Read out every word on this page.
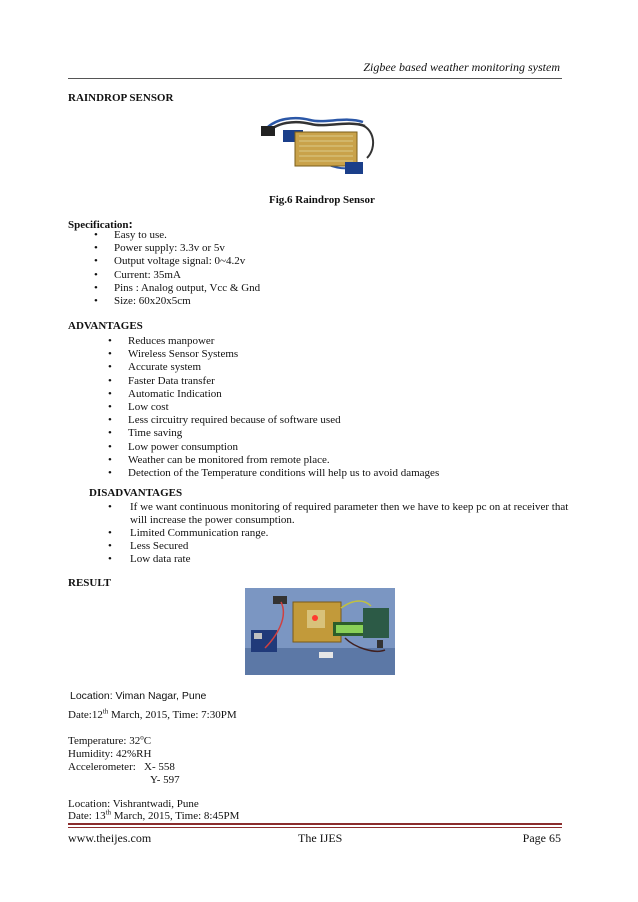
Zigbee based weather monitoring system
RAINDROP SENSOR
Fig.6 Raindrop Sensor
Specification:
• Easy to use.
• Power supply: 3.3v or 5v
• Output voltage signal: 0~4.2v
• Current: 35mA
• Pins : Analog output, Vcc & Gnd
• Size: 60x20x5cm
ADVANTAGES
• Reduces manpower
• Wireless Sensor Systems
• Accurate system
• Faster Data transfer
• Automatic Indication
• Low cost
• Less circuitry required because of software used
• Time saving
• Low power consumption
• Weather can be monitored from remote place.
• Detection of the Temperature conditions will help us to avoid damages
DISADVANTAGES
• If we want continuous monitoring of required parameter then we have to keep pc on at receiver that will increase the power consumption.
• Limited Communication range.
• Less Secured
• Low data rate
RESULT
Location: Viman Nagar, Pune
Date:12th March, 2015, Time: 7:30PM
Temperature: 32$^o$C
Humidity: 42%RH
Accelerometer:   X- 558
Y- 597
Location: Vishrantwadi, Pune
Date: 13th March, 2015, Time: 8:45PM
www.theijes.com	The IJES	Page 65
